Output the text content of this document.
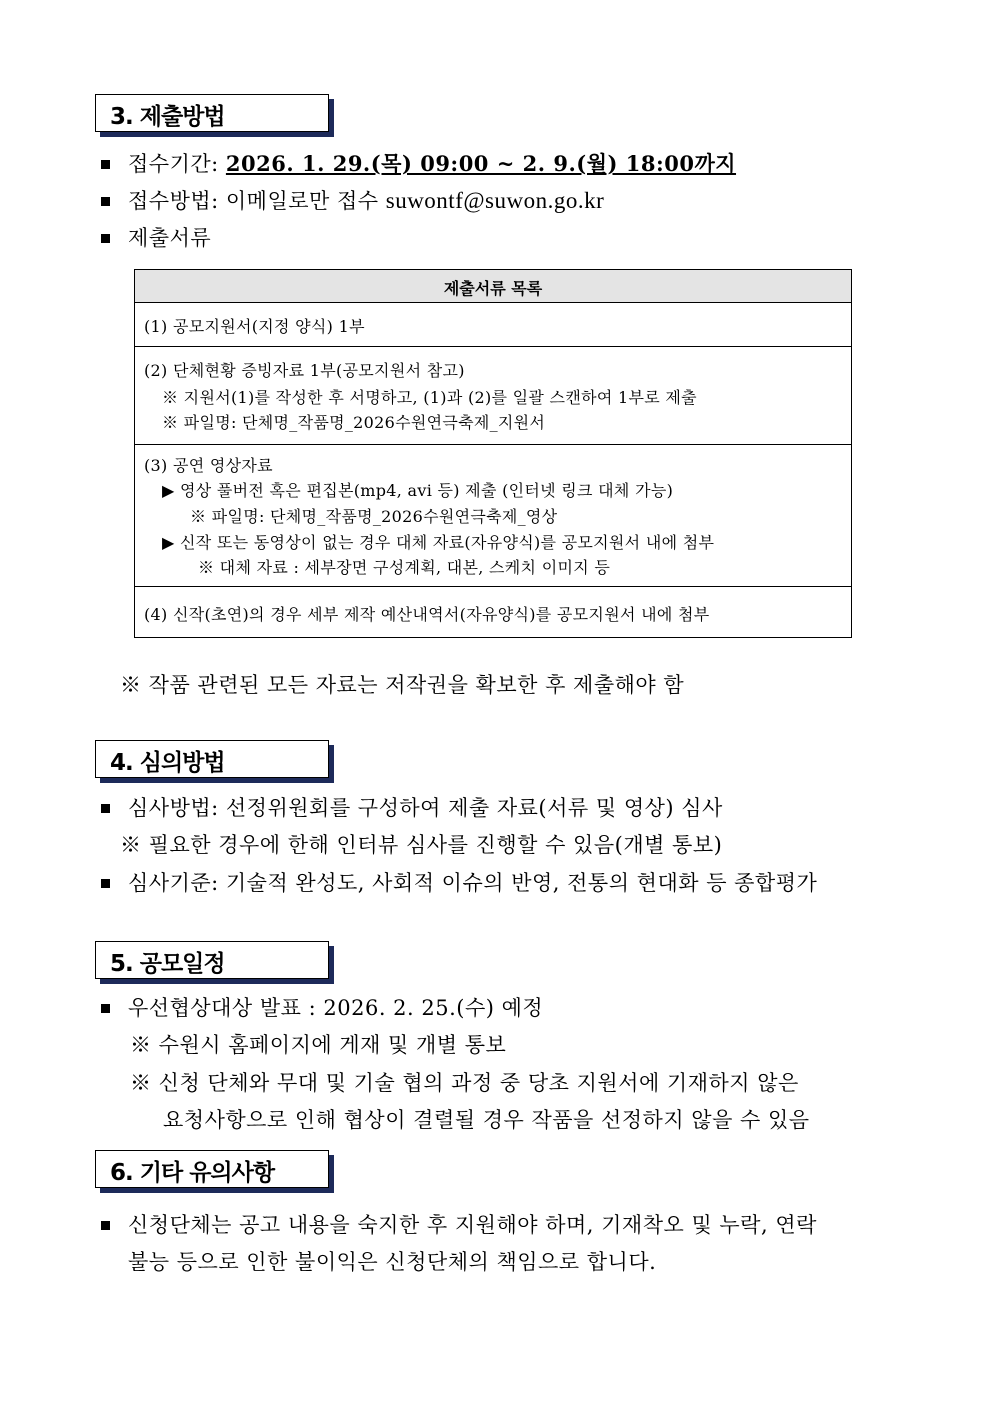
3. 제출방법
접수기간: 2026. 1. 29.(목) 09:00 ~ 2. 9.(월) 18:00까지
접수방법: 이메일로만 접수 suwontf@suwon.go.kr
제출서류
제출서류 목록
(1) 공모지원서(지정 양식) 1부
(2) 단체현황 증빙자료 1부(공모지원서 참고)
※ 지원서(1)를 작성한 후 서명하고, (1)과 (2)를 일괄 스캔하여 1부로 제출
※ 파일명: 단체명_작품명_2026수원연극축제_지원서
(3) 공연 영상자료
▶ 영상 풀버전 혹은 편집본(mp4, avi 등) 제출 (인터넷 링크 대체 가능)
※ 파일명: 단체명_작품명_2026수원연극축제_영상
▶ 신작 또는 동영상이 없는 경우 대체 자료(자유양식)를 공모지원서 내에 첨부
※ 대체 자료 : 세부장면 구성계획, 대본, 스케치 이미지 등
(4) 신작(초연)의 경우 세부 제작 예산내역서(자유양식)를 공모지원서 내에 첨부
※ 작품 관련된 모든 자료는 저작권을 확보한 후 제출해야 함
4. 심의방법
심사방법: 선정위원회를 구성하여 제출 자료(서류 및 영상) 심사
※ 필요한 경우에 한해 인터뷰 심사를 진행할 수 있음(개별 통보)
심사기준: 기술적 완성도, 사회적 이슈의 반영, 전통의 현대화 등 종합평가
5. 공모일정
우선협상대상 발표 : 2026. 2. 25.(수) 예정
※ 수원시 홈페이지에 게재 및 개별 통보
※ 신청 단체와 무대 및 기술 협의 과정 중 당초 지원서에 기재하지 않은
요청사항으로 인해 협상이 결렬될 경우 작품을 선정하지 않을 수 있음
6. 기타 유의사항
신청단체는 공고 내용을 숙지한 후 지원해야 하며, 기재착오 및 누락, 연락
불능 등으로 인한 불이익은 신청단체의 책임으로 합니다.
